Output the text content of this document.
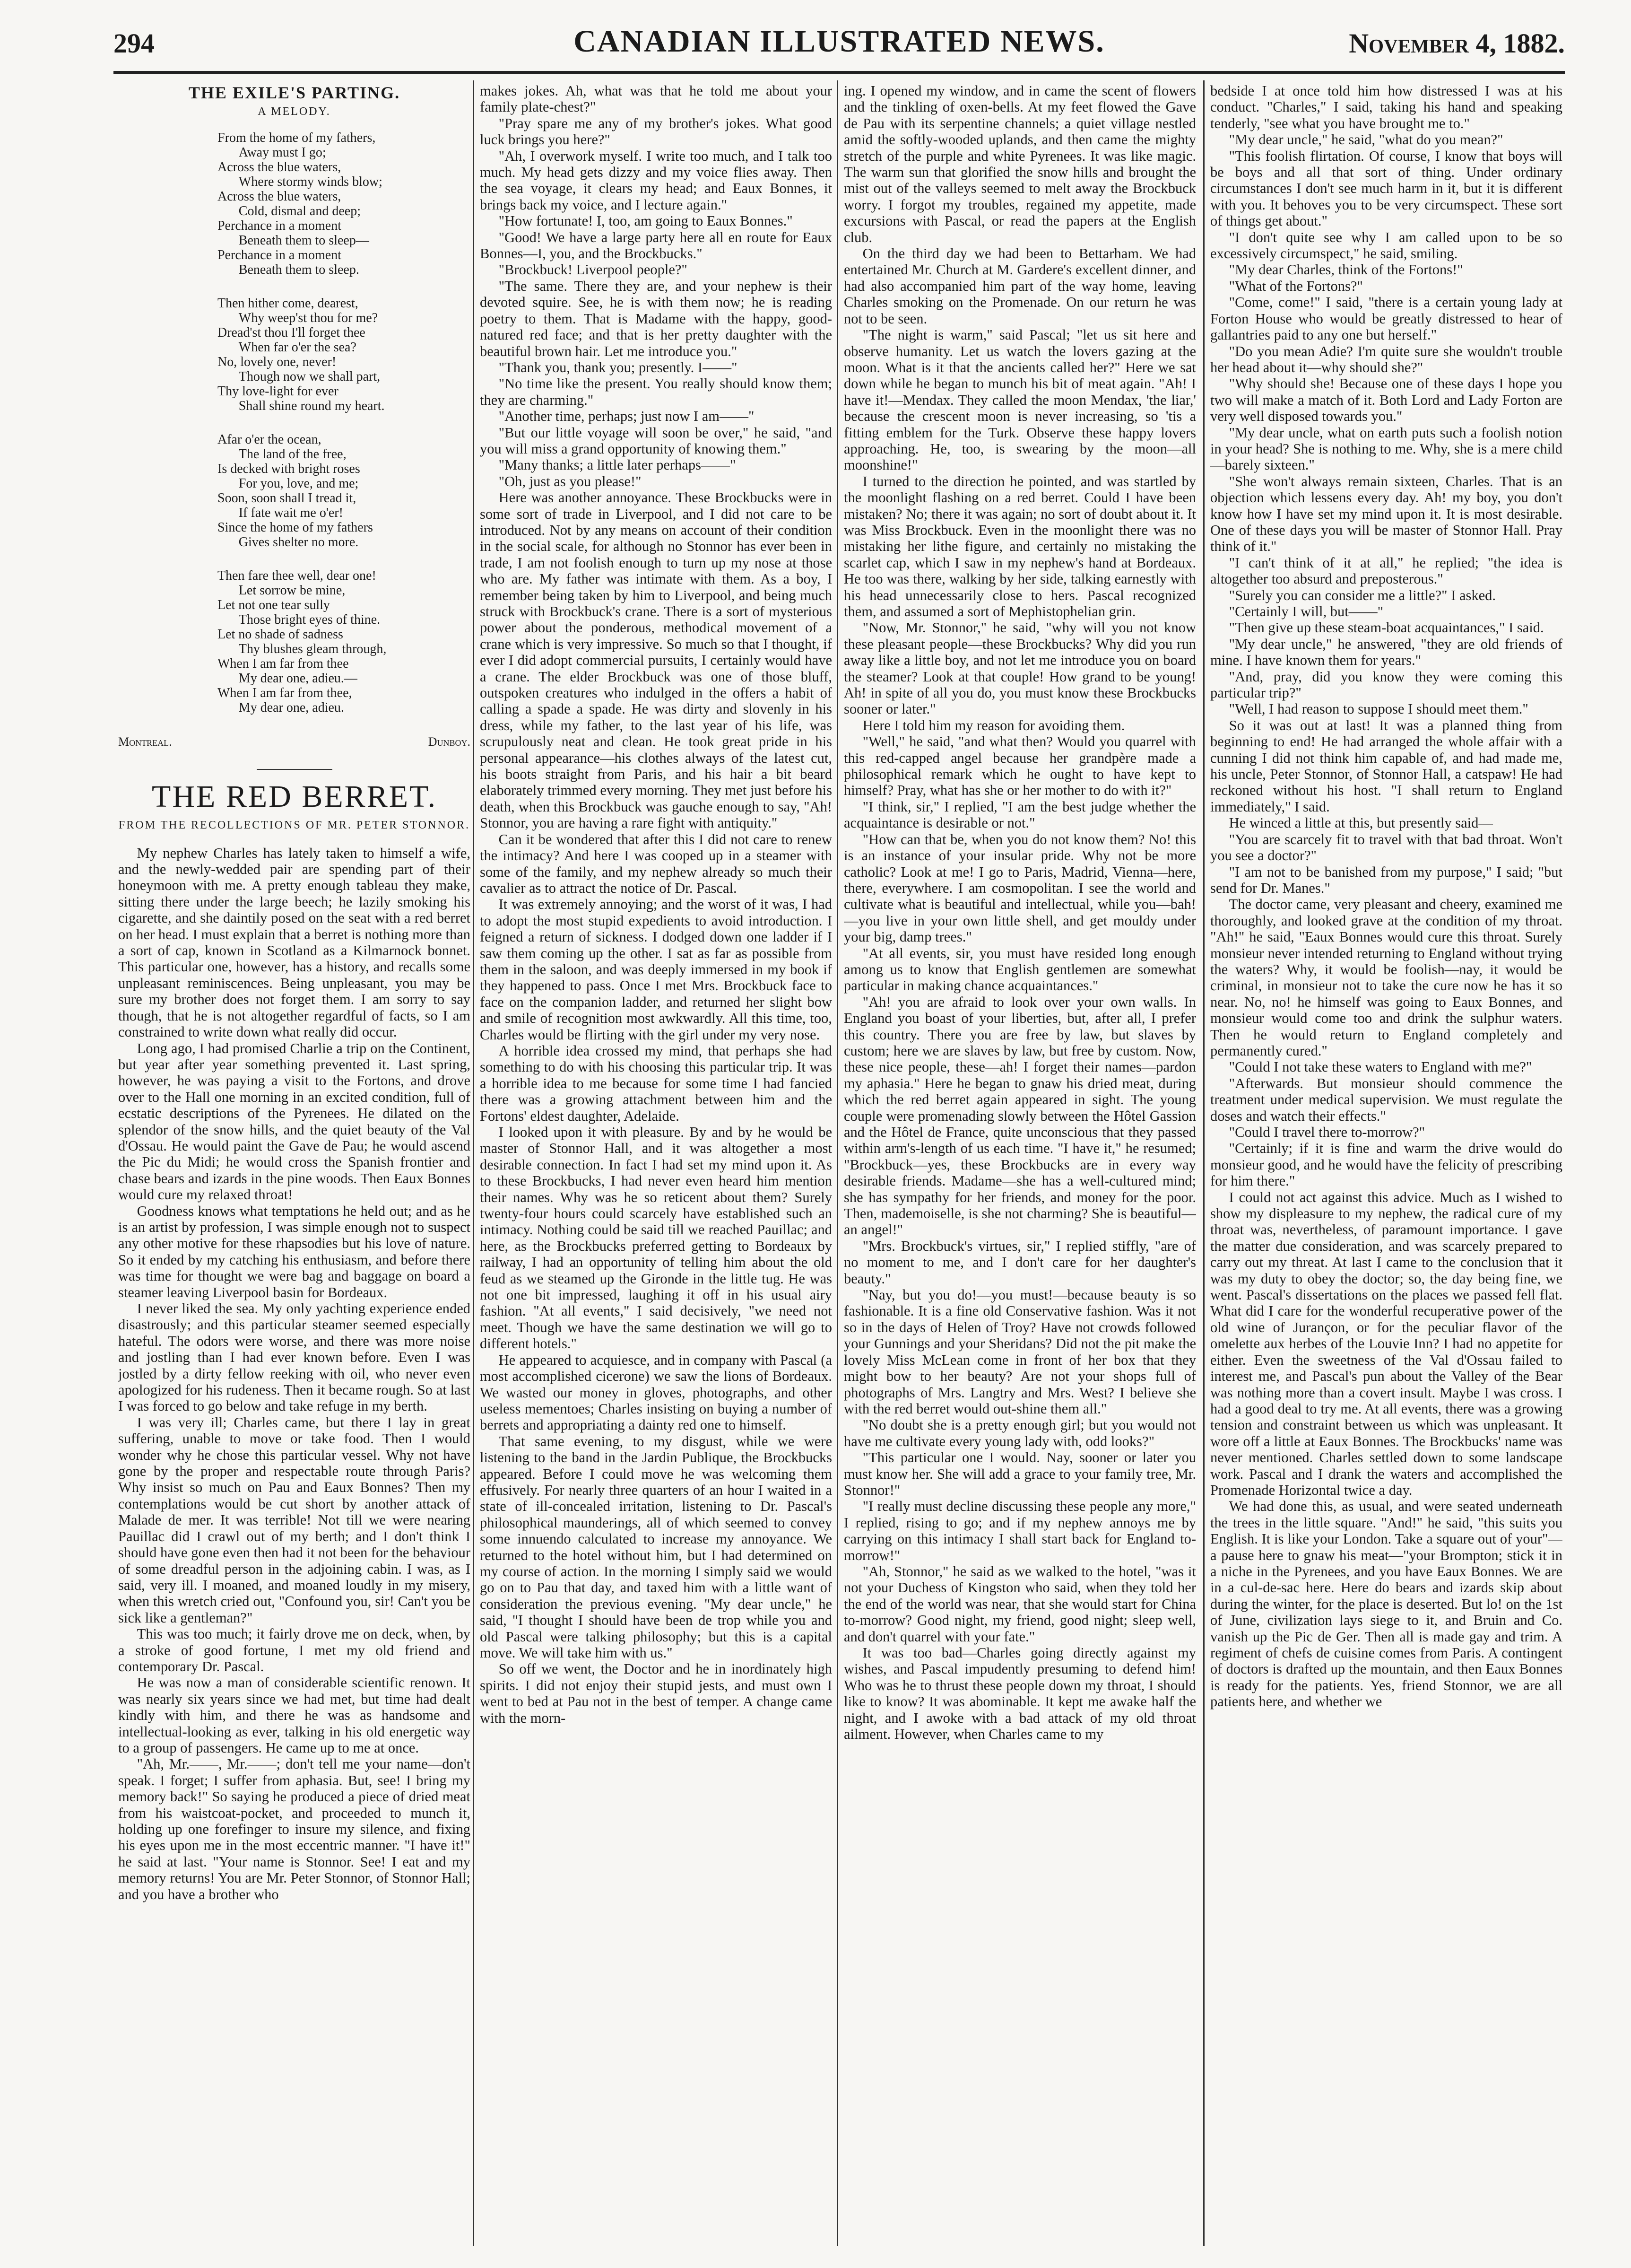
294	CANADIAN ILLUSTRATED NEWS.	November 4, 1882.
THE EXILE'S PARTING.
A MELODY.
From the home of my fathers,
Away must I go;
Across the blue waters,
Where stormy winds blow;
Across the blue waters,
Cold, dismal and deep;
Perchance in a moment
Beneath them to sleep—
Perchance in a moment
Beneath them to sleep.
Then hither come, dearest,
Why weep'st thou for me?
Dread'st thou I'll forget thee
When far o'er the sea?
No, lovely one, never!
Though now we shall part,
Thy love-light for ever
Shall shine round my heart.
Afar o'er the ocean,
The land of the free,
Is decked with bright roses
For you, love, and me;
Soon, soon shall I tread it,
If fate wait me o'er!
Since the home of my fathers
Gives shelter no more.
Then fare thee well, dear one!
Let sorrow be mine,
Let not one tear sully
Those bright eyes of thine.
Let no shade of sadness
Thy blushes gleam through,
When I am far from thee
My dear one, adieu.—
When I am far from thee,
My dear one, adieu.
Montreal.	Dunboy.
THE RED BERRET.
FROM THE RECOLLECTIONS OF MR. PETER STONNOR.

My nephew Charles has lately taken to himself a wife, and the newly-wedded pair are spending part of their honeymoon with me. A pretty enough tableau they make, sitting there under the large beech; he lazily smoking his cigarette, and she daintily posed on the seat with a red berret on her head. I must explain that a berret is nothing more than a sort of cap, known in Scotland as a Kilmarnock bonnet. This particular one, however, has a history, and recalls some unpleasant reminiscences. Being unpleasant, you may be sure my brother does not forget them. I am sorry to say though, that he is not altogether regardful of facts, so I am constrained to write down what really did occur.

Long ago, I had promised Charlie a trip on the Continent, but year after year something prevented it. Last spring, however, he was paying a visit to the Fortons, and drove over to the Hall one morning in an excited condition, full of ecstatic descriptions of the Pyrenees. He dilated on the splendor of the snow hills, and the quiet beauty of the Val d'Ossau. He would paint the Gave de Pau; he would ascend the Pic du Midi; he would cross the Spanish frontier and chase bears and izards in the pine woods. Then Eaux Bonnes would cure my relaxed throat!

Goodness knows what temptations he held out; and as he is an artist by profession, I was simple enough not to suspect any other motive for these rhapsodies but his love of nature. So it ended by my catching his enthusiasm, and before there was time for thought we were bag and baggage on board a steamer leaving Liverpool basin for Bordeaux.

I never liked the sea. My only yachting experience ended disastrously; and this particular steamer seemed especially hateful. The odors were worse, and there was more noise and jostling than I had ever known before. Even I was jostled by a dirty fellow reeking with oil, who never even apologized for his rudeness. Then it became rough. So at last I was forced to go below and take refuge in my berth.

I was very ill; Charles came, but there I lay in great suffering, unable to move or take food. Then I would wonder why he chose this particular vessel. Why not have gone by the proper and respectable route through Paris? Why insist so much on Pau and Eaux Bonnes? Then my contemplations would be cut short by another attack of Malade de mer. It was terrible! Not till we were nearing Pauillac did I crawl out of my berth; and I don't think I should have gone even then had it not been for the behaviour of some dreadful person in the adjoining cabin. I was, as I said, very ill. I moaned, and moaned loudly in my misery, when this wretch cried out, "Confound you, sir! Can't you be sick like a gentleman?"

This was too much; it fairly drove me on deck, when, by a stroke of good fortune, I met my old friend and contemporary Dr. Pascal.

He was now a man of considerable scientific renown. It was nearly six years since we had met, but time had dealt kindly with him, and there he was as handsome and intellectual-looking as ever, talking in his old energetic way to a group of passengers. He came up to me at once.

"Ah, Mr.——, Mr.——; don't tell me your name—don't speak. I forget; I suffer from aphasia. But, see! I bring my memory back!" So saying he produced a piece of dried meat from his waistcoat-pocket, and proceeded to munch it, holding up one forefinger to insure my silence, and fixing his eyes upon me in the most eccentric manner. "I have it!" he said at last. "Your name is Stonnor. See! I eat and my memory returns! You are Mr. Peter Stonnor, of Stonnor Hall; and you have a brother who

makes jokes. Ah, what was that he told me about your family plate-chest?"

"Pray spare me any of my brother's jokes. What good luck brings you here?"

"Ah, I overwork myself. I write too much, and I talk too much. My head gets dizzy and my voice flies away. Then the sea voyage, it clears my head; and Eaux Bonnes, it brings back my voice, and I lecture again."

"How fortunate! I, too, am going to Eaux Bonnes."

"Good! We have a large party here all en route for Eaux Bonnes—I, you, and the Brockbucks."

"Brockbuck! Liverpool people?"

"The same. There they are, and your nephew is their devoted squire. See, he is with them now; he is reading poetry to them. That is Madame with the happy, good-natured red face; and that is her pretty daughter with the beautiful brown hair. Let me introduce you."

"Thank you, thank you; presently. I——"

"No time like the present. You really should know them; they are charming."

"Another time, perhaps; just now I am——"

"But our little voyage will soon be over," he said, "and you will miss a grand opportunity of knowing them."

"Many thanks; a little later perhaps——"

"Oh, just as you please!"

Here was another annoyance. These Brockbucks were in some sort of trade in Liverpool, and I did not care to be introduced. Not by any means on account of their condition in the social scale, for although no Stonnor has ever been in trade, I am not foolish enough to turn up my nose at those who are. My father was intimate with them. As a boy, I remember being taken by him to Liverpool, and being much struck with Brockbuck's crane. There is a sort of mysterious power about the ponderous, methodical movement of a crane which is very impressive. So much so that I thought, if ever I did adopt commercial pursuits, I certainly would have a crane. The elder Brockbuck was one of those bluff, outspoken creatures who indulged in the offers a habit of calling a spade a spade. He was dirty and slovenly in his dress, while my father, to the last year of his life, was scrupulously neat and clean. He took great pride in his personal appearance—his clothes always of the latest cut, his boots straight from Paris, and his hair a bit beard elaborately trimmed every morning. They met just before his death, when this Brockbuck was gauche enough to say, "Ah! Stonnor, you are having a rare fight with antiquity."

Can it be wondered that after this I did not care to renew the intimacy? And here I was cooped up in a steamer with some of the family, and my nephew already so much their cavalier as to attract the notice of Dr. Pascal.

It was extremely annoying; and the worst of it was, I had to adopt the most stupid expedients to avoid introduction. I feigned a return of sickness. I dodged down one ladder if I saw them coming up the other. I sat as far as possible from them in the saloon, and was deeply immersed in my book if they happened to pass. Once I met Mrs. Brockbuck face to face on the companion ladder, and returned her slight bow and smile of recognition most awkwardly. All this time, too, Charles would be flirting with the girl under my very nose.

A horrible idea crossed my mind, that perhaps she had something to do with his choosing this particular trip. It was a horrible idea to me because for some time I had fancied there was a growing attachment between him and the Fortons' eldest daughter, Adelaide.

I looked upon it with pleasure. By and by he would be master of Stonnor Hall, and it was altogether a most desirable connection. In fact I had set my mind upon it. As to these Brockbucks, I had never even heard him mention their names. Why was he so reticent about them? Surely twenty-four hours could scarcely have established such an intimacy. Nothing could be said till we reached Pauillac; and here, as the Brockbucks preferred getting to Bordeaux by railway, I had an opportunity of telling him about the old feud as we steamed up the Gironde in the little tug. He was not one bit impressed, laughing it off in his usual airy fashion. "At all events," I said decisively, "we need not meet. Though we have the same destination we will go to different hotels."

He appeared to acquiesce, and in company with Pascal (a most accomplished cicerone) we saw the lions of Bordeaux. We wasted our money in gloves, photographs, and other useless mementoes; Charles insisting on buying a number of berrets and appropriating a dainty red one to himself.

That same evening, to my disgust, while we were listening to the band in the Jardin Publique, the Brockbucks appeared. Before I could move he was welcoming them effusively. For nearly three quarters of an hour I waited in a state of ill-concealed irritation, listening to Dr. Pascal's philosophical maunderings, all of which seemed to convey some innuendo calculated to increase my annoyance. We returned to the hotel without him, but I had determined on my course of action. In the morning I simply said we would go on to Pau that day, and taxed him with a little want of consideration the previous evening. "My dear uncle," he said, "I thought I should have been de trop while you and old Pascal were talking philosophy; but this is a capital move. We will take him with us."

So off we went, the Doctor and he in inordinately high spirits. I did not enjoy their stupid jests, and must own I went to bed at Pau not in the best of temper. A change came with the morn-

ing. I opened my window, and in came the scent of flowers and the tinkling of oxen-bells. At my feet flowed the Gave de Pau with its serpentine channels; a quiet village nestled amid the softly-wooded uplands, and then came the mighty stretch of the purple and white Pyrenees. It was like magic. The warm sun that glorified the snow hills and brought the mist out of the valleys seemed to melt away the Brockbuck worry. I forgot my troubles, regained my appetite, made excursions with Pascal, or read the papers at the English club.

On the third day we had been to Bettarham. We had entertained Mr. Church at M. Gardere's excellent dinner, and had also accompanied him part of the way home, leaving Charles smoking on the Promenade. On our return he was not to be seen.

"The night is warm," said Pascal; "let us sit here and observe humanity. Let us watch the lovers gazing at the moon. What is it that the ancients called her?" Here we sat down while he began to munch his bit of meat again. "Ah! I have it!—Mendax. They called the moon Mendax, 'the liar,' because the crescent moon is never increasing, so 'tis a fitting emblem for the Turk. Observe these happy lovers approaching. He, too, is swearing by the moon—all moonshine!"

I turned to the direction he pointed, and was startled by the moonlight flashing on a red berret. Could I have been mistaken? No; there it was again; no sort of doubt about it. It was Miss Brockbuck. Even in the moonlight there was no mistaking her lithe figure, and certainly no mistaking the scarlet cap, which I saw in my nephew's hand at Bordeaux. He too was there, walking by her side, talking earnestly with his head unnecessarily close to hers. Pascal recognized them, and assumed a sort of Mephistophelian grin.

"Now, Mr. Stonnor," he said, "why will you not know these pleasant people—these Brockbucks? Why did you run away like a little boy, and not let me introduce you on board the steamer? Look at that couple! How grand to be young! Ah! in spite of all you do, you must know these Brockbucks sooner or later."

Here I told him my reason for avoiding them.

"Well," he said, "and what then? Would you quarrel with this red-capped angel because her grandpère made a philosophical remark which he ought to have kept to himself? Pray, what has she or her mother to do with it?"

"I think, sir," I replied, "I am the best judge whether the acquaintance is desirable or not."

"How can that be, when you do not know them? No! this is an instance of your insular pride. Why not be more catholic? Look at me! I go to Paris, Madrid, Vienna—here, there, everywhere. I am cosmopolitan. I see the world and cultivate what is beautiful and intellectual, while you—bah!—you live in your own little shell, and get mouldy under your big, damp trees."

"At all events, sir, you must have resided long enough among us to know that English gentlemen are somewhat particular in making chance acquaintances."

"Ah! you are afraid to look over your own walls. In England you boast of your liberties, but, after all, I prefer this country. There you are free by law, but slaves by custom; here we are slaves by law, but free by custom. Now, these nice people, these—ah! I forget their names—pardon my aphasia." Here he began to gnaw his dried meat, during which the red berret again appeared in sight. The young couple were promenading slowly between the Hôtel Gassion and the Hôtel de France, quite unconscious that they passed within arm's-length of us each time. "I have it," he resumed; "Brockbuck—yes, these Brockbucks are in every way desirable friends. Madame—she has a well-cultured mind; she has sympathy for her friends, and money for the poor. Then, mademoiselle, is she not charming? She is beautiful—an angel!"

"Mrs. Brockbuck's virtues, sir," I replied stiffly, "are of no moment to me, and I don't care for her daughter's beauty."

"Nay, but you do!—you must!—because beauty is so fashionable. It is a fine old Conservative fashion. Was it not so in the days of Helen of Troy? Have not crowds followed your Gunnings and your Sheridans? Did not the pit make the lovely Miss McLean come in front of her box that they might bow to her beauty? Are not your shops full of photographs of Mrs. Langtry and Mrs. West? I believe she with the red berret would out-shine them all."

"No doubt she is a pretty enough girl; but you would not have me cultivate every young lady with, odd looks?"

"This particular one I would. Nay, sooner or later you must know her. She will add a grace to your family tree, Mr. Stonnor!"

"I really must decline discussing these people any more," I replied, rising to go; and if my nephew annoys me by carrying on this intimacy I shall start back for England to-morrow!"

"Ah, Stonnor," he said as we walked to the hotel, "was it not your Duchess of Kingston who said, when they told her the end of the world was near, that she would start for China to-morrow? Good night, my friend, good night; sleep well, and don't quarrel with your fate."

It was too bad—Charles going directly against my wishes, and Pascal impudently presuming to defend him! Who was he to thrust these people down my throat, I should like to know? It was abominable. It kept me awake half the night, and I awoke with a bad attack of my old throat ailment. However, when Charles came to my

bedside I at once told him how distressed I was at his conduct. "Charles," I said, taking his hand and speaking tenderly, "see what you have brought me to."

"My dear uncle," he said, "what do you mean?"

"This foolish flirtation. Of course, I know that boys will be boys and all that sort of thing. Under ordinary circumstances I don't see much harm in it, but it is different with you. It behoves you to be very circumspect. These sort of things get about."

"I don't quite see why I am called upon to be so excessively circumspect," he said, smiling.

"My dear Charles, think of the Fortons!"

"What of the Fortons?"

"Come, come!" I said, "there is a certain young lady at Forton House who would be greatly distressed to hear of gallantries paid to any one but herself."

"Do you mean Adie? I'm quite sure she wouldn't trouble her head about it—why should she?"

"Why should she! Because one of these days I hope you two will make a match of it. Both Lord and Lady Forton are very well disposed towards you."

"My dear uncle, what on earth puts such a foolish notion in your head? She is nothing to me. Why, she is a mere child—barely sixteen."

"She won't always remain sixteen, Charles. That is an objection which lessens every day. Ah! my boy, you don't know how I have set my mind upon it. It is most desirable. One of these days you will be master of Stonnor Hall. Pray think of it."

"I can't think of it at all," he replied; "the idea is altogether too absurd and preposterous."

"Surely you can consider me a little?" I asked.

"Certainly I will, but——"

"Then give up these steam-boat acquaintances," I said.

"My dear uncle," he answered, "they are old friends of mine. I have known them for years."

"And, pray, did you know they were coming this particular trip?"

"Well, I had reason to suppose I should meet them."

So it was out at last! It was a planned thing from beginning to end! He had arranged the whole affair with a cunning I did not think him capable of, and had made me, his uncle, Peter Stonnor, of Stonnor Hall, a catspaw! He had reckoned without his host. "I shall return to England immediately," I said.

He winced a little at this, but presently said—

"You are scarcely fit to travel with that bad throat. Won't you see a doctor?"

"I am not to be banished from my purpose," I said; "but send for Dr. Manes."

The doctor came, very pleasant and cheery, examined me thoroughly, and looked grave at the condition of my throat. "Ah!" he said, "Eaux Bonnes would cure this throat. Surely monsieur never intended returning to England without trying the waters? Why, it would be foolish—nay, it would be criminal, in monsieur not to take the cure now he has it so near. No, no! he himself was going to Eaux Bonnes, and monsieur would come too and drink the sulphur waters. Then he would return to England completely and permanently cured."

"Could I not take these waters to England with me?"

"Afterwards. But monsieur should commence the treatment under medical supervision. We must regulate the doses and watch their effects."

"Could I travel there to-morrow?"

"Certainly; if it is fine and warm the drive would do monsieur good, and he would have the felicity of prescribing for him there."

I could not act against this advice. Much as I wished to show my displeasure to my nephew, the radical cure of my throat was, nevertheless, of paramount importance. I gave the matter due consideration, and was scarcely prepared to carry out my threat. At last I came to the conclusion that it was my duty to obey the doctor; so, the day being fine, we went. Pascal's dissertations on the places we passed fell flat. What did I care for the wonderful recuperative power of the old wine of Jurançon, or for the peculiar flavor of the omelette aux herbes of the Louvie Inn? I had no appetite for either. Even the sweetness of the Val d'Ossau failed to interest me, and Pascal's pun about the Valley of the Bear was nothing more than a covert insult. Maybe I was cross. I had a good deal to try me. At all events, there was a growing tension and constraint between us which was unpleasant. It wore off a little at Eaux Bonnes. The Brockbucks' name was never mentioned. Charles settled down to some landscape work. Pascal and I drank the waters and accomplished the Promenade Horizontal twice a day.

We had done this, as usual, and were seated underneath the trees in the little square. "And!" he said, "this suits you English. It is like your London. Take a square out of your"—a pause here to gnaw his meat—"your Brompton; stick it in a niche in the Pyrenees, and you have Eaux Bonnes. We are in a cul-de-sac here. Here do bears and izards skip about during the winter, for the place is deserted. But lo! on the 1st of June, civilization lays siege to it, and Bruin and Co. vanish up the Pic de Ger. Then all is made gay and trim. A regiment of chefs de cuisine comes from Paris. A contingent of doctors is drafted up the mountain, and then Eaux Bonnes is ready for the patients. Yes, friend Stonnor, we are all patients here, and whether we
